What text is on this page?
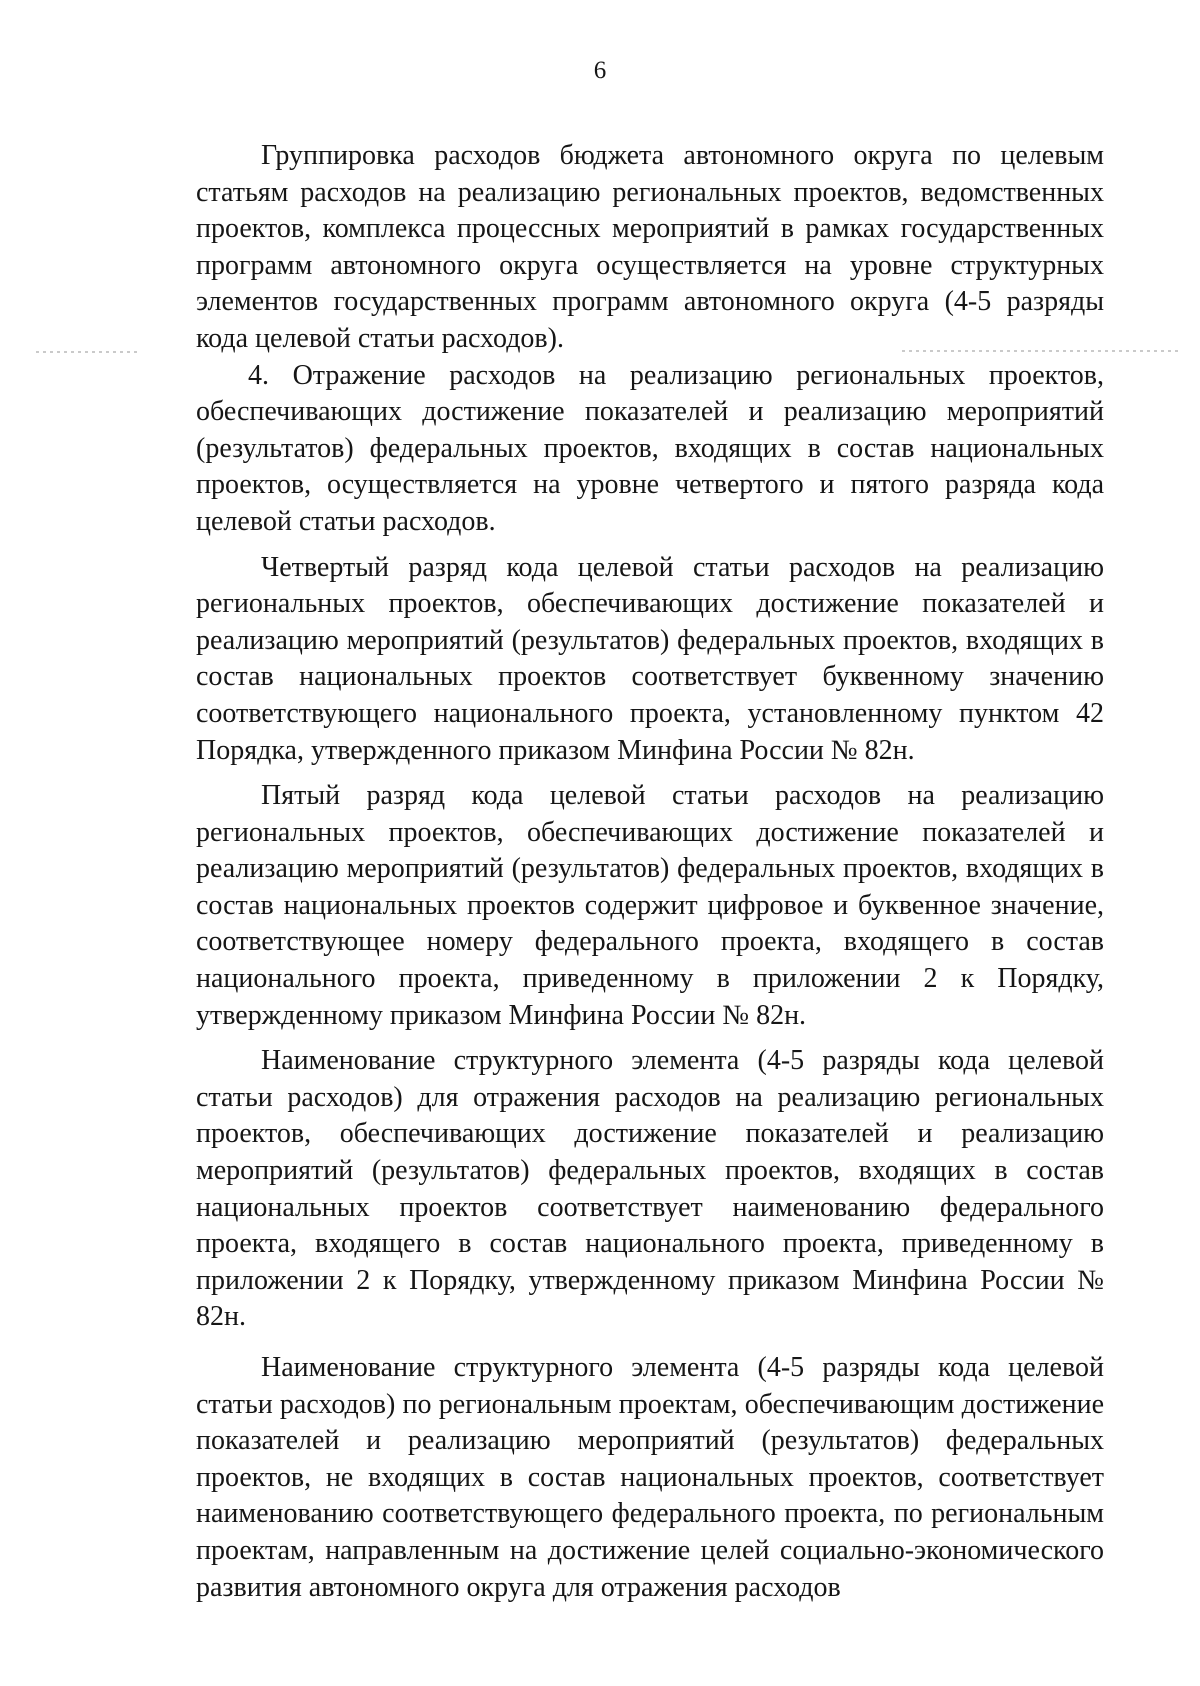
6

Группировка расходов бюджета автономного округа по целевым статьям расходов на реализацию региональных проектов, ведомственных проектов, комплекса процессных мероприятий в рамках государственных программ автономного округа осуществляется на уровне структурных элементов государственных программ автономного округа (4-5 разряды кода целевой статьи расходов).

4. Отражение расходов на реализацию региональных проектов, обеспечивающих достижение показателей и реализацию мероприятий (результатов) федеральных проектов, входящих в состав национальных проектов, осуществляется на уровне четвертого и пятого разряда кода целевой статьи расходов.

Четвертый разряд кода целевой статьи расходов на реализацию региональных проектов, обеспечивающих достижение показателей и реализацию мероприятий (результатов) федеральных проектов, входящих в состав национальных проектов соответствует буквенному значению соответствующего национального проекта, установленному пунктом 42 Порядка, утвержденного приказом Минфина России № 82н.

Пятый разряд кода целевой статьи расходов на реализацию региональных проектов, обеспечивающих достижение показателей и реализацию мероприятий (результатов) федеральных проектов, входящих в состав национальных проектов содержит цифровое и буквенное значение, соответствующее номеру федерального проекта, входящего в состав национального проекта, приведенному в приложении 2 к Порядку, утвержденному приказом Минфина России № 82н.

Наименование структурного элемента (4-5 разряды кода целевой статьи расходов) для отражения расходов на реализацию региональных проектов, обеспечивающих достижение показателей и реализацию мероприятий (результатов) федеральных проектов, входящих в состав национальных проектов соответствует наименованию федерального проекта, входящего в состав национального проекта, приведенному в приложении 2 к Порядку, утвержденному приказом Минфина России № 82н.

Наименование структурного элемента (4-5 разряды кода целевой статьи расходов) по региональным проектам, обеспечивающим достижение показателей и реализацию мероприятий (результатов) федеральных проектов, не входящих в состав национальных проектов, соответствует наименованию соответствующего федерального проекта, по региональным проектам, направленным на достижение целей социально-экономического развития автономного округа для отражения расходов
